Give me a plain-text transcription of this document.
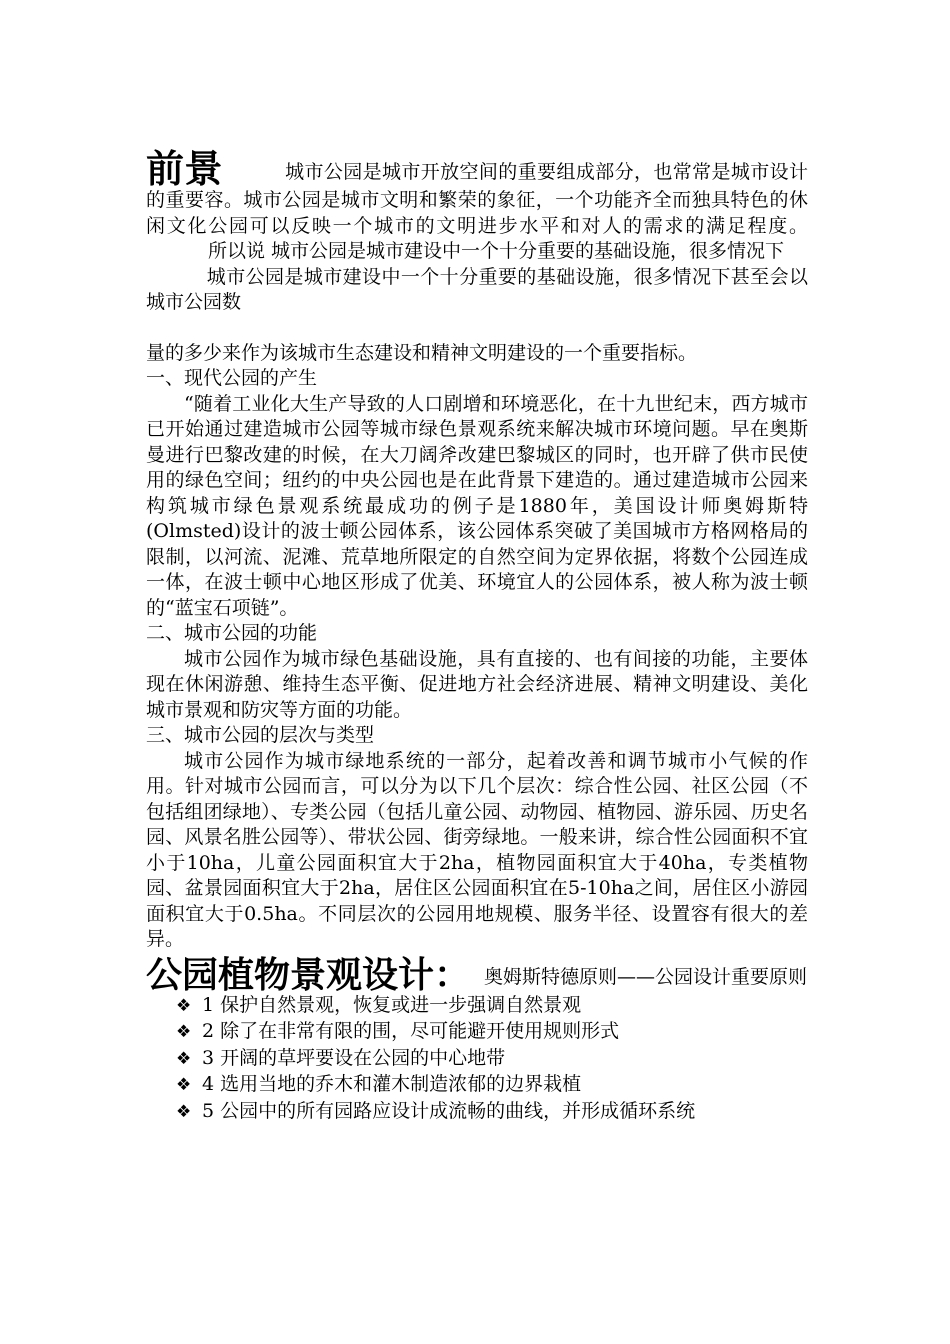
前景	城市公园是城市开放空间的重要组成部分，也常常是城市设计的重要容。城市公园是城市文明和繁荣的象征，一个功能齐全而独具特色的休闲文化公园可以反映一个城市的文明进步水平和对人的需求的满足程度。所以说 城市公园是城市建设中一个十分重要的基础设施，很多情况下

城市公园是城市建设中一个十分重要的基础设施，很多情况下甚至会以城市公园数

量的多少来作为该城市生态建设和精神文明建设的一个重要指标。

一、现代公园的产生

“随着工业化大生产导致的人口剧增和环境恶化，在十九世纪末，西方城市已开始通过建造城市公园等城市绿色景观系统来解决城市环境问题。早在奥斯曼进行巴黎改建的时候，在大刀阔斧改建巴黎城区的同时，也开辟了供市民使用的绿色空间；纽约的中央公园也是在此背景下建造的。通过建造城市公园来构筑城市绿色景观系统最成功的例子是1880年，美国设计师奥姆斯特(Olmsted)设计的波士顿公园体系，该公园体系突破了美国城市方格网格局的限制，以河流、泥滩、荒草地所限定的自然空间为定界依据，将数个公园连成一体，在波士顿中心地区形成了优美、环境宜人的公园体系，被人称为波士顿的“蓝宝石项链”。

二、城市公园的功能

城市公园作为城市绿色基础设施，具有直接的、也有间接的功能，主要体现在休闲游憩、维持生态平衡、促进地方社会经济进展、精神文明建设、美化城市景观和防灾等方面的功能。

三、城市公园的层次与类型

城市公园作为城市绿地系统的一部分，起着改善和调节城市小气候的作用。针对城市公园而言，可以分为以下几个层次：综合性公园、社区公园（不包括组团绿地）、专类公园（包括儿童公园、动物园、植物园、游乐园、历史名园、风景名胜公园等）、带状公园、街旁绿地。一般来讲，综合性公园面积不宜小于10ha，儿童公园面积宜大于2ha，植物园面积宜大于40ha，专类植物园、盆景园面积宜大于2ha，居住区公园面积宜在5-10ha之间，居住区小游园面积宜大于0.5ha。不同层次的公园用地规模、服务半径、设置容有很大的差异。

公园植物景观设计： 奥姆斯特德原则——公园设计重要原则

❖ 1 保护自然景观，恢复或进一步强调自然景观
❖ 2 除了在非常有限的围，尽可能避开使用规则形式
❖ 3 开阔的草坪要设在公园的中心地带
❖ 4 选用当地的乔木和灌木制造浓郁的边界栽植
❖ 5 公园中的所有园路应设计成流畅的曲线，并形成循环系统
